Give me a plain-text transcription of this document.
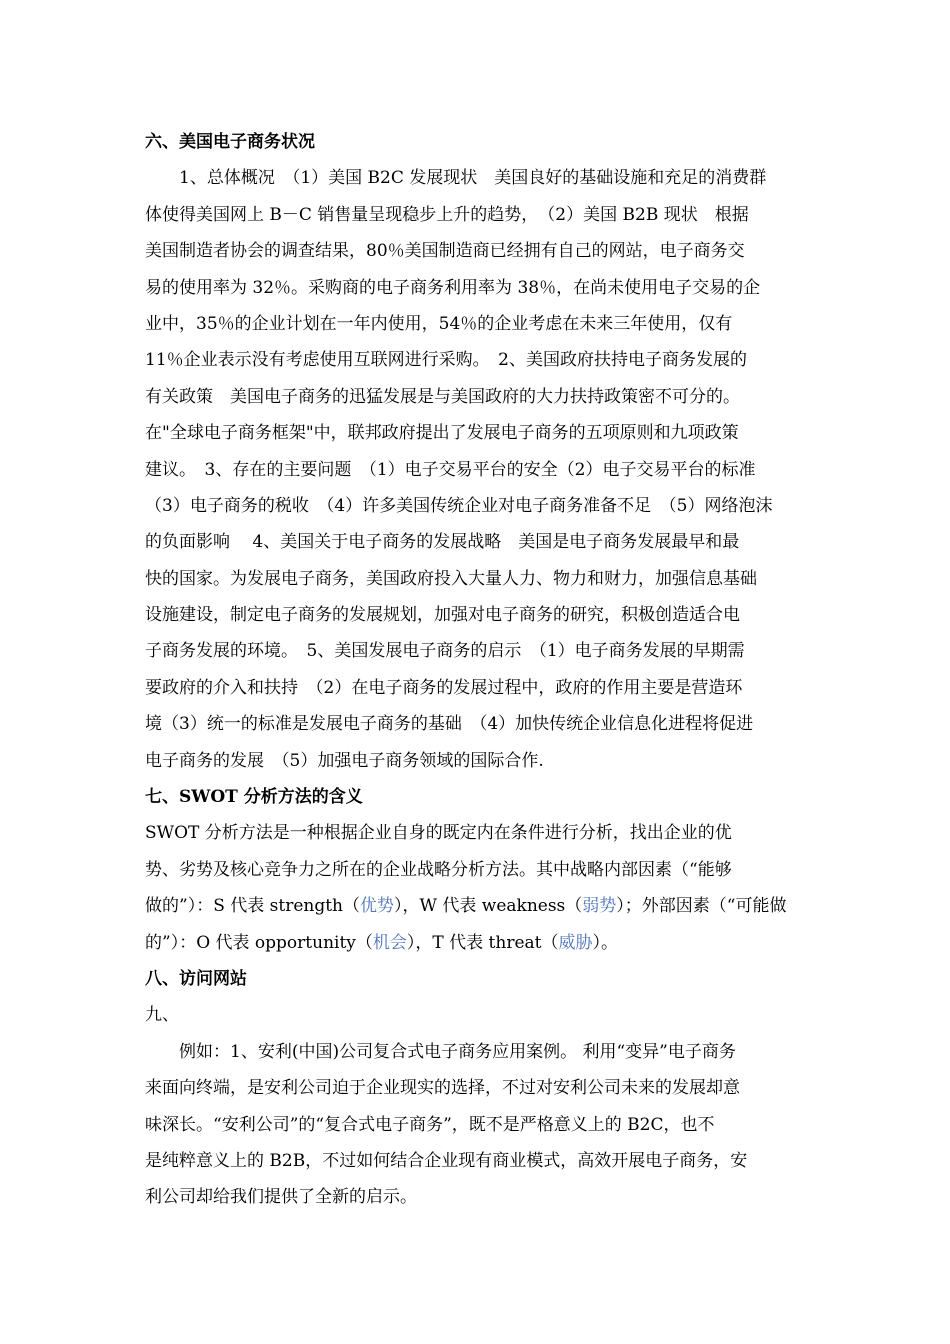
六、美国电子商务状况
　　1、总体概况　（1）美国 B2C 发展现状　美国良好的基础设施和充足的消费群
体使得美国网上 B－C 销售量呈现稳步上升的趋势，　（2）美国 B2B 现状　根据
美国制造者协会的调查结果，80％美国制造商已经拥有自己的网站，电子商务交
易的使用率为 32％。采购商的电子商务利用率为 38％，在尚未使用电子交易的企
业中，35％的企业计划在一年内使用，54％的企业考虑在未来三年使用，仅有
11％企业表示没有考虑使用互联网进行采购。　2、美国政府扶持电子商务发展的
有关政策　美国电子商务的迅猛发展是与美国政府的大力扶持政策密不可分的。
在"全球电子商务框架"中，联邦政府提出了发展电子商务的五项原则和九项政策
建议。　3、存在的主要问题　（1）电子交易平台的安全（2）电子交易平台的标准
（3）电子商务的税收　（4）许多美国传统企业对电子商务准备不足　（5）网络泡沫
的负面影响　 4、美国关于电子商务的发展战略　美国是电子商务发展最早和最
快的国家。为发展电子商务，美国政府投入大量人力、物力和财力，加强信息基础
设施建设，制定电子商务的发展规划，加强对电子商务的研究，积极创造适合电
子商务发展的环境。　5、美国发展电子商务的启示　（1）电子商务发展的早期需
要政府的介入和扶持　（2）在电子商务的发展过程中，政府的作用主要是营造环
境（3）统一的标准是发展电子商务的基础　（4）加快传统企业信息化进程将促进
电子商务的发展　（5）加强电子商务领域的国际合作.
七、SWOT 分析方法的含义
SWOT 分析方法是一种根据企业自身的既定内在条件进行分析，找出企业的优
势、劣势及核心竞争力之所在的企业战略分析方法。其中战略内部因素（“能够
做的”）：S 代表 strength（ 优势 ），W 代表 weakness（ 弱势 ）；外部因素（“可能做
的”）：O 代表 opportunity（ 机会 ），T 代表 threat（ 威胁 ）。
八、访问网站
九、
　　例如：1、安利(中国)公司复合式电子商务应用案例。 利用“变异”电子商务
来面向终端，是安利公司迫于企业现实的选择，不过对安利公司未来的发展却意
味深长。“安利公司”的“复合式电子商务”，既不是严格意义上的 B2C，也不
是纯粹意义上的 B2B，不过如何结合企业现有商业模式，高效开展电子商务，安
利公司却给我们提供了全新的启示。
